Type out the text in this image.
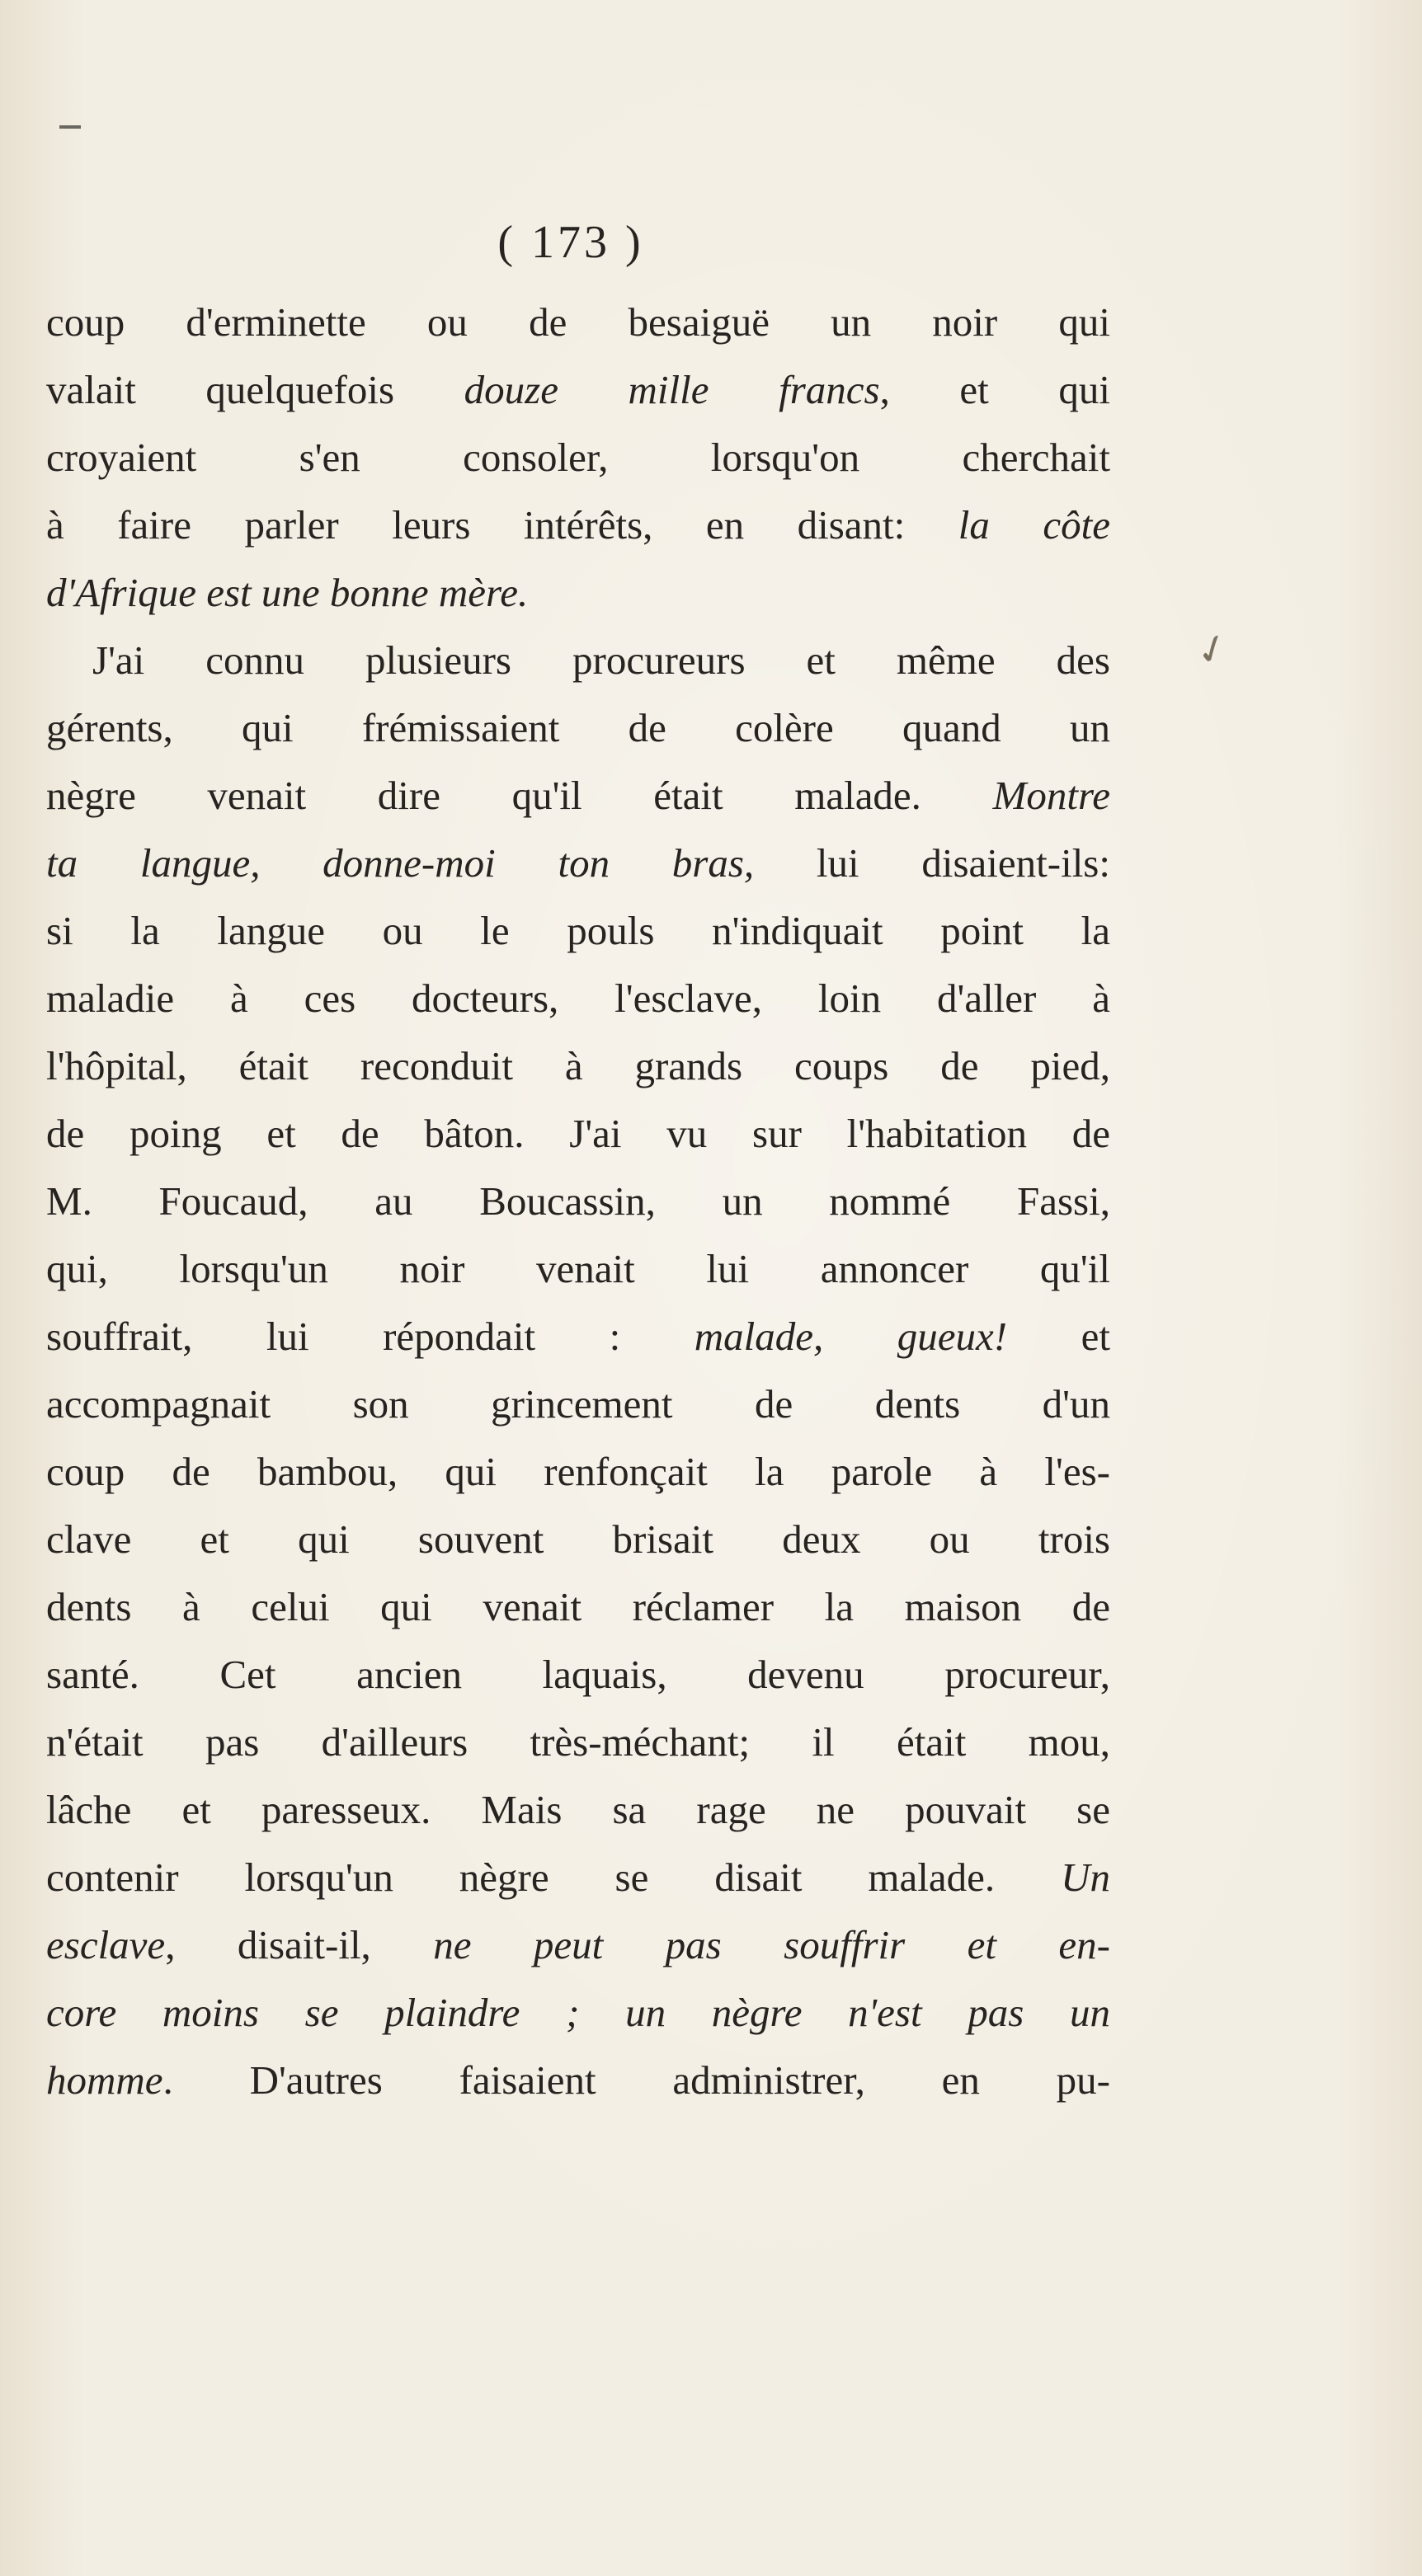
( 173 )
✓
coup d'erminette ou de besaiguë un noir qui
valait quelquefois douze mille francs, et qui
croyaient s'en consoler, lorsqu'on cherchait
à faire parler leurs intérêts, en disant: la côte
d'Afrique est une bonne mère.
J'ai connu plusieurs procureurs et même des
gérents, qui frémissaient de colère quand un
nègre venait dire qu'il était malade. Montre
ta langue, donne-moi ton bras, lui disaient-ils:
si la langue ou le pouls n'indiquait point la
maladie à ces docteurs, l'esclave, loin d'aller à
l'hôpital, était reconduit à grands coups de pied,
de poing et de bâton. J'ai vu sur l'habitation de
M. Foucaud, au Boucassin, un nommé Fassi,
qui, lorsqu'un noir venait lui annoncer qu'il
souffrait, lui répondait : malade, gueux! et
accompagnait son grincement de dents d'un
coup de bambou, qui renfonçait la parole à l'es-
clave et qui souvent brisait deux ou trois
dents à celui qui venait réclamer la maison de
santé. Cet ancien laquais, devenu procureur,
n'était pas d'ailleurs très-méchant; il était mou,
lâche et paresseux. Mais sa rage ne pouvait se
contenir lorsqu'un nègre se disait malade. Un
esclave, disait-il, ne peut pas souffrir et en-
core moins se plaindre ; un nègre n'est pas un
homme. D'autres faisaient administrer, en pu-
